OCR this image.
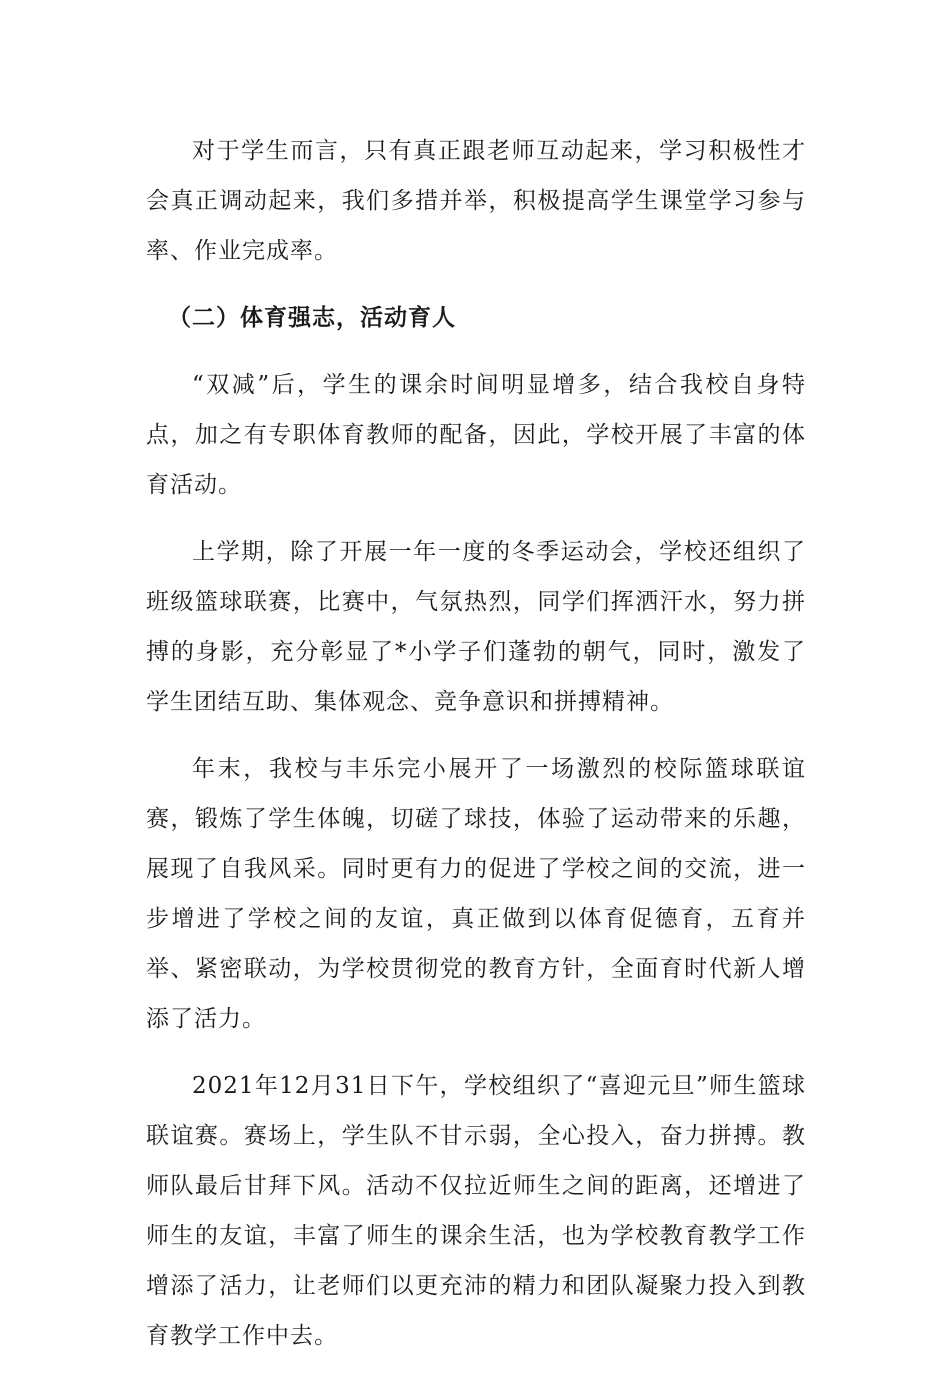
对于学生而言，只有真正跟老师互动起来，学习积极性才会真正调动起来，我们多措并举，积极提高学生课堂学习参与率、作业完成率。

（二）体育强志，活动育人

“双减”后，学生的课余时间明显增多，结合我校自身特点，加之有专职体育教师的配备，因此，学校开展了丰富的体育活动。

上学期，除了开展一年一度的冬季运动会，学校还组织了班级篮球联赛，比赛中，气氛热烈，同学们挥洒汗水，努力拼搏的身影，充分彰显了*小学子们蓬勃的朝气，同时，激发了学生团结互助、集体观念、竞争意识和拼搏精神。

年末，我校与丰乐完小展开了一场激烈的校际篮球联谊赛，锻炼了学生体魄，切磋了球技，体验了运动带来的乐趣，展现了自我风采。同时更有力的促进了学校之间的交流，进一步增进了学校之间的友谊，真正做到以体育促德育，五育并举、紧密联动，为学校贯彻党的教育方针，全面育时代新人增添了活力。

2021年12月31日下午，学校组织了“喜迎元旦”师生篮球联谊赛。赛场上，学生队不甘示弱，全心投入，奋力拼搏。教师队最后甘拜下风。活动不仅拉近师生之间的距离，还增进了师生的友谊，丰富了师生的课余生活，也为学校教育教学工作增添了活力，让老师们以更充沛的精力和团队凝聚力投入到教育教学工作中去。
